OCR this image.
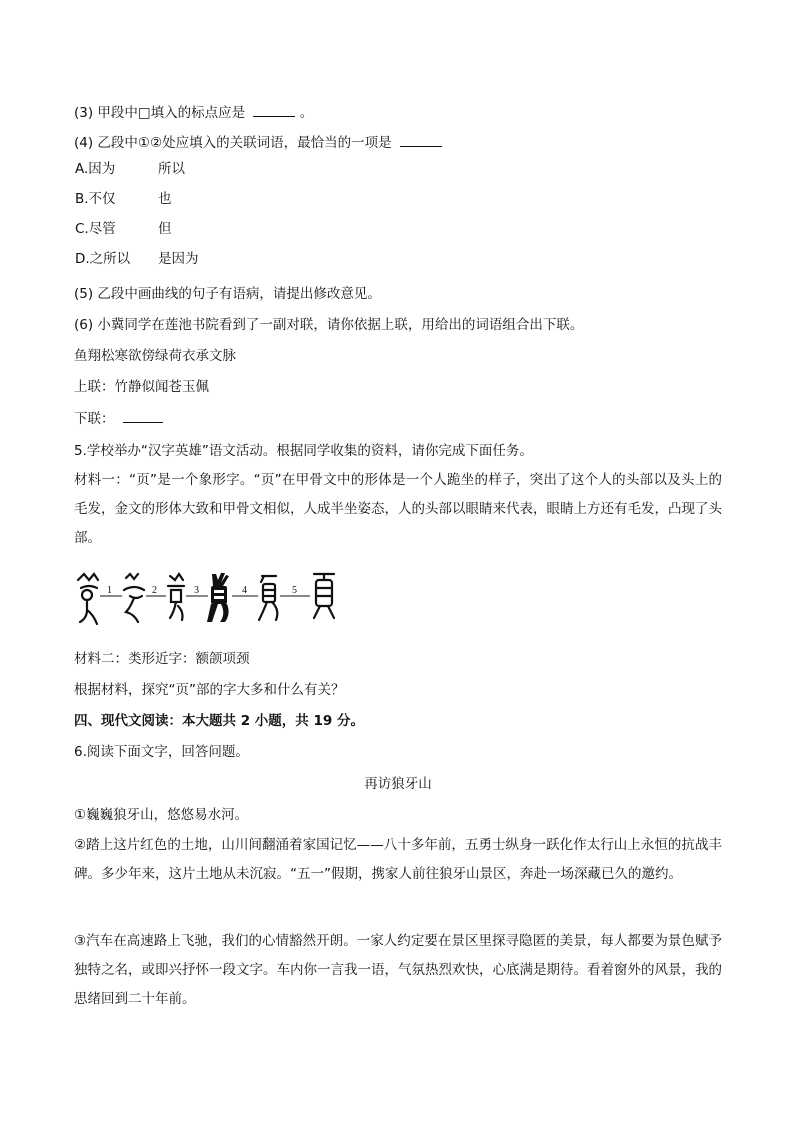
(3) 甲段中□填入的标点应是	。
(4) 乙段中①②处应填入的关联词语，最恰当的一项是
A.因为	所以
B.不仅	也
C.尽管	但
D.之所以 是因为
(5) 乙段中画曲线的句子有语病，请提出修改意见。
(6) 小冀同学在莲池书院看到了一副对联，请你依据上联，用给出的词语组合出下联。
鱼翔松寒欲傍绿荷衣承文脉
上联：竹静似闻苍玉佩
下联：
5.学校举办“汉字英雄”语文活动。根据同学收集的资料，请你完成下面任务。
材料一：“页”是一个象形字。“页”在甲骨文中的形体是一个人跪坐的样子，突出了这个人的头部以及头上的毛发，金文的形体大致和甲骨文相似，人成半坐姿态，人的头部以眼睛来代表，眼睛上方还有毛发，凸现了头部。
1	2	3	4	5
材料二：类形近字：额颌项颈
根据材料，探究“页”部的字大多和什么有关？
四、现代文阅读：本大题共 2 小题，共 19 分。
6.阅读下面文字，回答问题。
再访狼牙山
①巍巍狼牙山，悠悠易水河。
②踏上这片红色的土地，山川间翻涌着家国记忆——八十多年前，五勇士纵身一跃化作太行山上永恒的抗战丰碑。多少年来，这片土地从未沉寂。“五一”假期，携家人前往狼牙山景区，奔赴一场深藏已久的邀约。
③汽车在高速路上飞驰，我们的心情豁然开朗。一家人约定要在景区里探寻隐匿的美景，每人都要为景色赋予独特之名，或即兴抒怀一段文字。车内你一言我一语，气氛热烈欢快，心底满是期待。看着窗外的风景，我的思绪回到二十年前。
